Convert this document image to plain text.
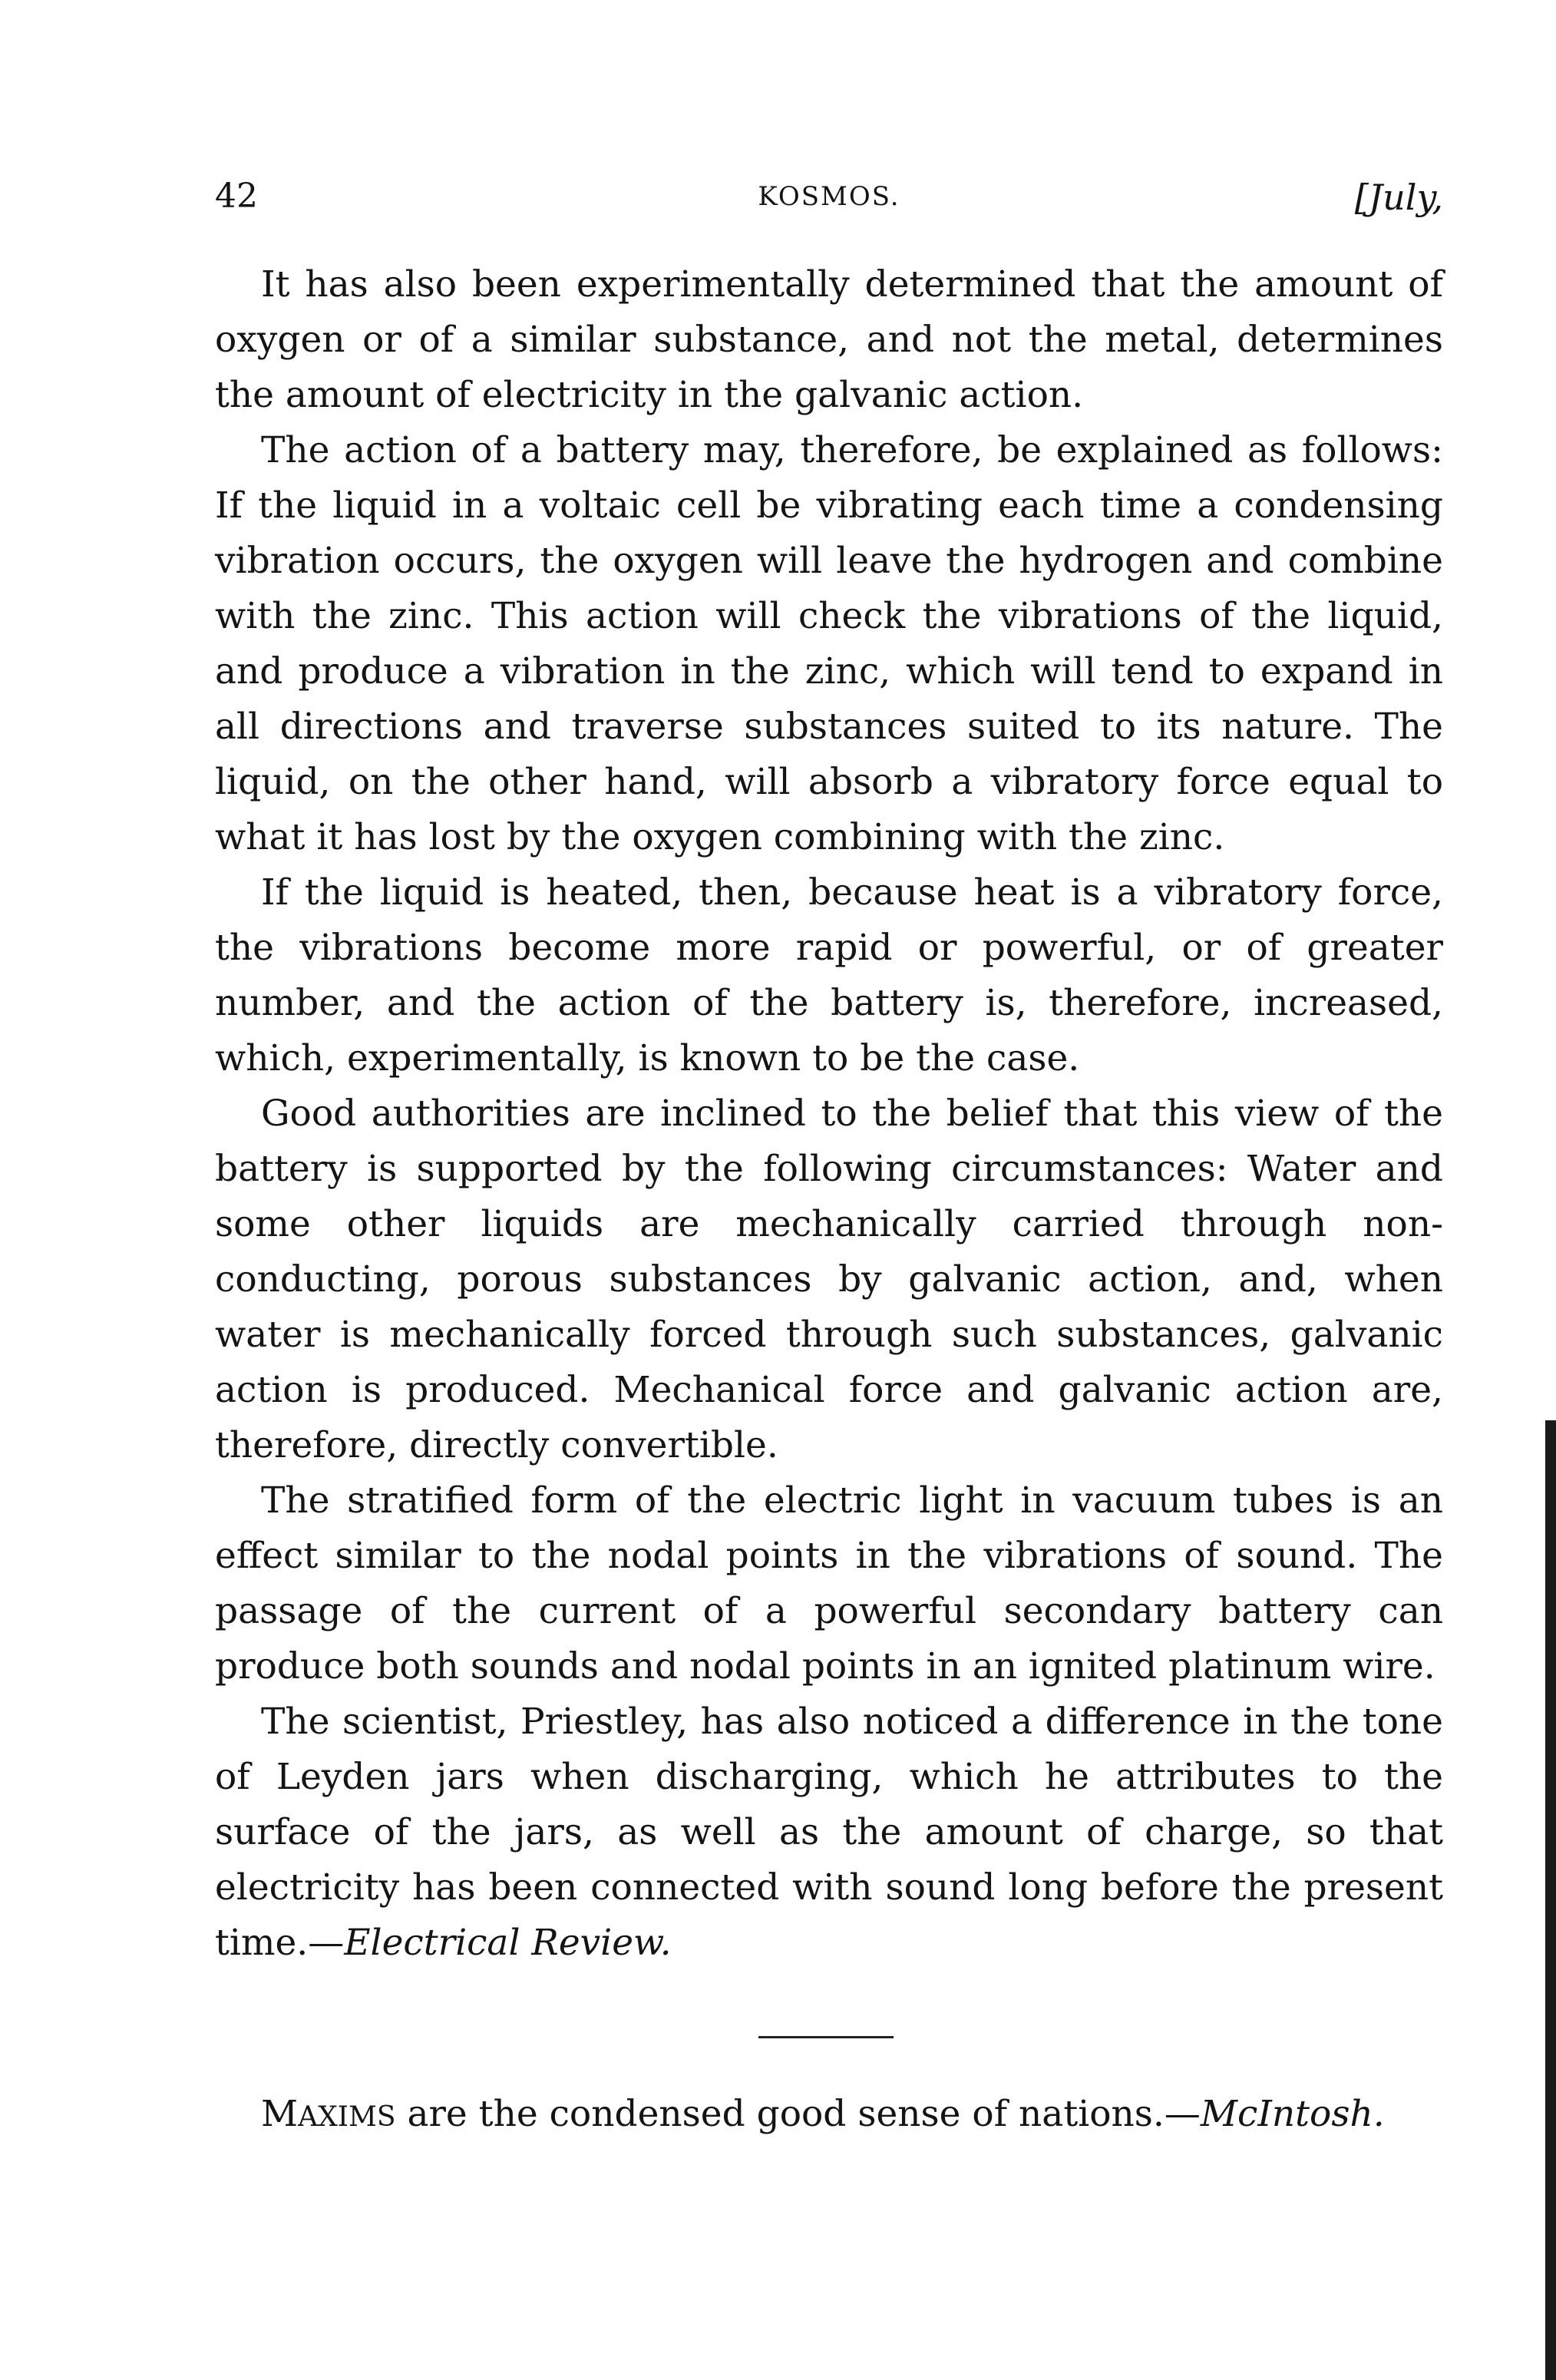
42	KOSMOS.	[July,

It has also been experimentally determined that the amount of oxygen or of a similar substance, and not the metal, determines the amount of electricity in the galvanic action.

The action of a battery may, therefore, be explained as follows: If the liquid in a voltaic cell be vibrating each time a condensing vibration occurs, the oxygen will leave the hydrogen and combine with the zinc. This action will check the vibrations of the liquid, and produce a vibration in the zinc, which will tend to expand in all directions and traverse substances suited to its nature. The liquid, on the other hand, will absorb a vibratory force equal to what it has lost by the oxygen combining with the zinc.

If the liquid is heated, then, because heat is a vibratory force, the vibrations become more rapid or powerful, or of greater number, and the action of the battery is, therefore, increased, which, experimentally, is known to be the case.

Good authorities are inclined to the belief that this view of the battery is supported by the following circumstances: Water and some other liquids are mechanically carried through non-conducting, porous substances by galvanic action, and, when water is mechanically forced through such substances, galvanic action is produced. Mechanical force and galvanic action are, therefore, directly convertible.

The stratified form of the electric light in vacuum tubes is an effect similar to the nodal points in the vibrations of sound. The passage of the current of a powerful secondary battery can produce both sounds and nodal points in an ignited platinum wire.

The scientist, Priestley, has also noticed a difference in the tone of Leyden jars when discharging, which he attributes to the surface of the jars, as well as the amount of charge, so that electricity has been connected with sound long before the present time.—Electrical Review.

MAXIMS are the condensed good sense of nations.—McIntosh.
